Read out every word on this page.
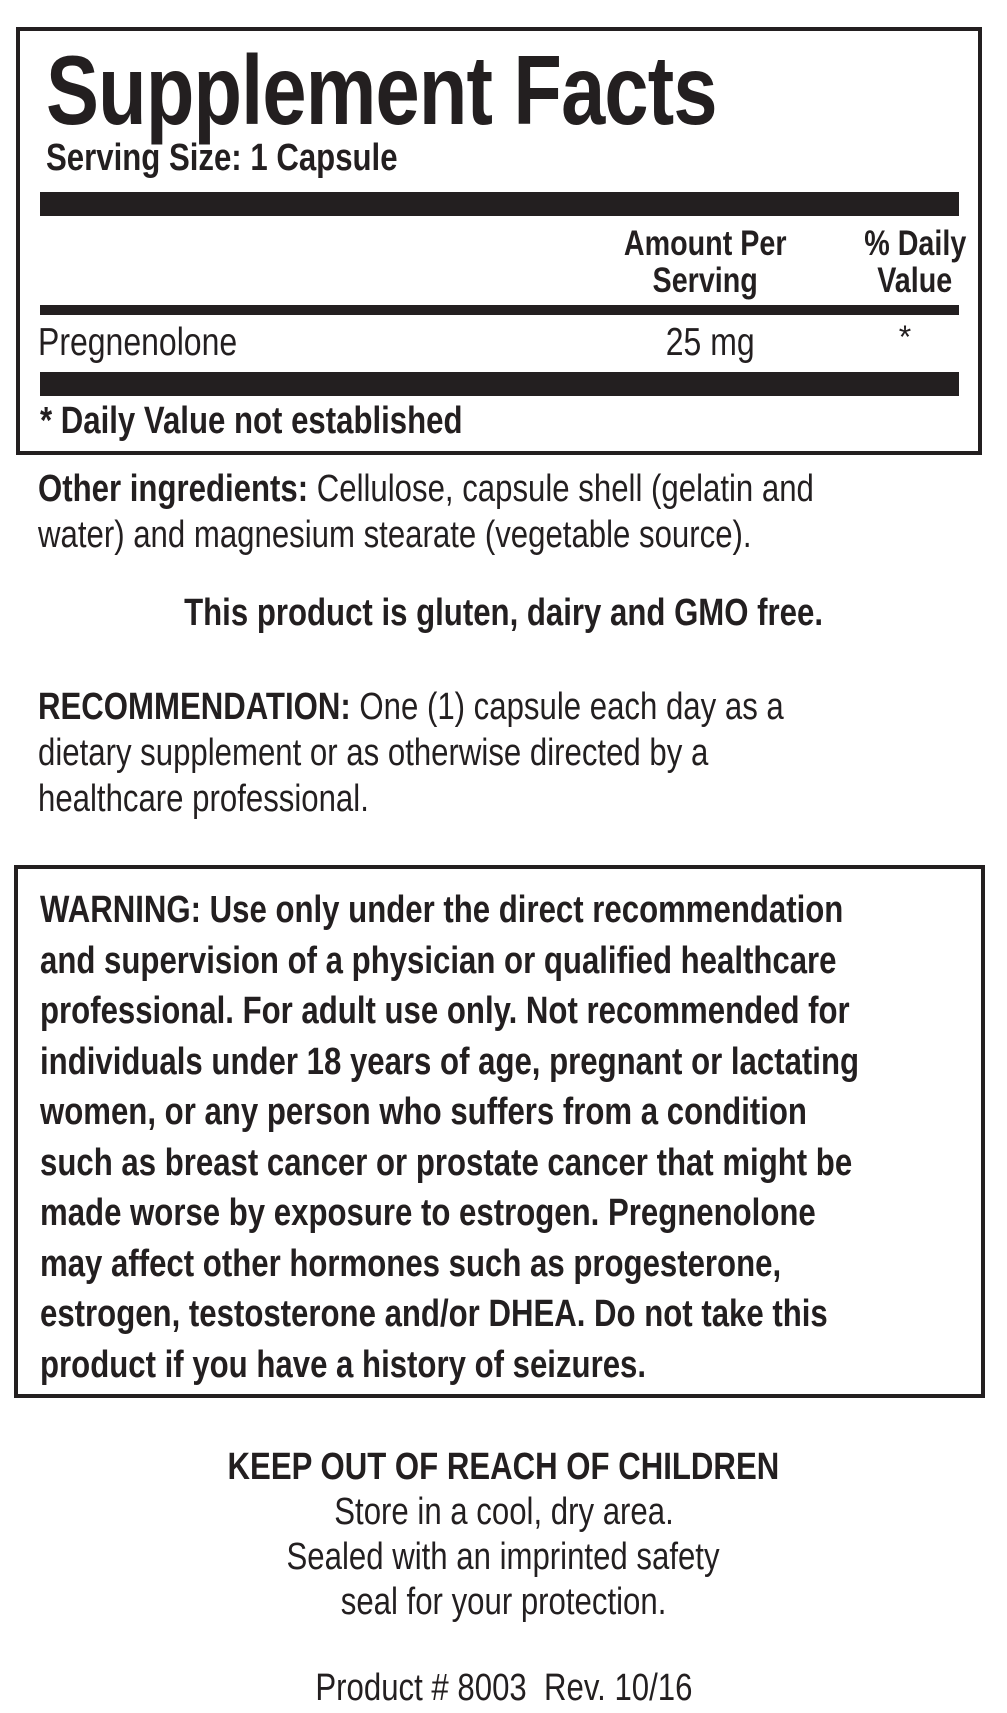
Supplement Facts
Serving Size: 1 Capsule
Amount Per
Serving
% Daily
Value
Pregnenolone	25 mg	*
* Daily Value not established
Other ingredients: Cellulose, capsule shell (gelatin and
water) and magnesium stearate (vegetable source).
This product is gluten, dairy and GMO free.
RECOMMENDATION: One (1) capsule each day as a
dietary supplement or as otherwise directed by a
healthcare professional.
WARNING: Use only under the direct recommendation
and supervision of a physician or qualified healthcare
professional. For adult use only. Not recommended for
individuals under 18 years of age, pregnant or lactating
women, or any person who suffers from a condition
such as breast cancer or prostate cancer that might be
made worse by exposure to estrogen. Pregnenolone
may affect other hormones such as progesterone,
estrogen, testosterone and/or DHEA. Do not take this
product if you have a history of seizures.
KEEP OUT OF REACH OF CHILDREN
Store in a cool, dry area.
Sealed with an imprinted safety
seal for your protection.
Product # 8003  Rev. 10/16
